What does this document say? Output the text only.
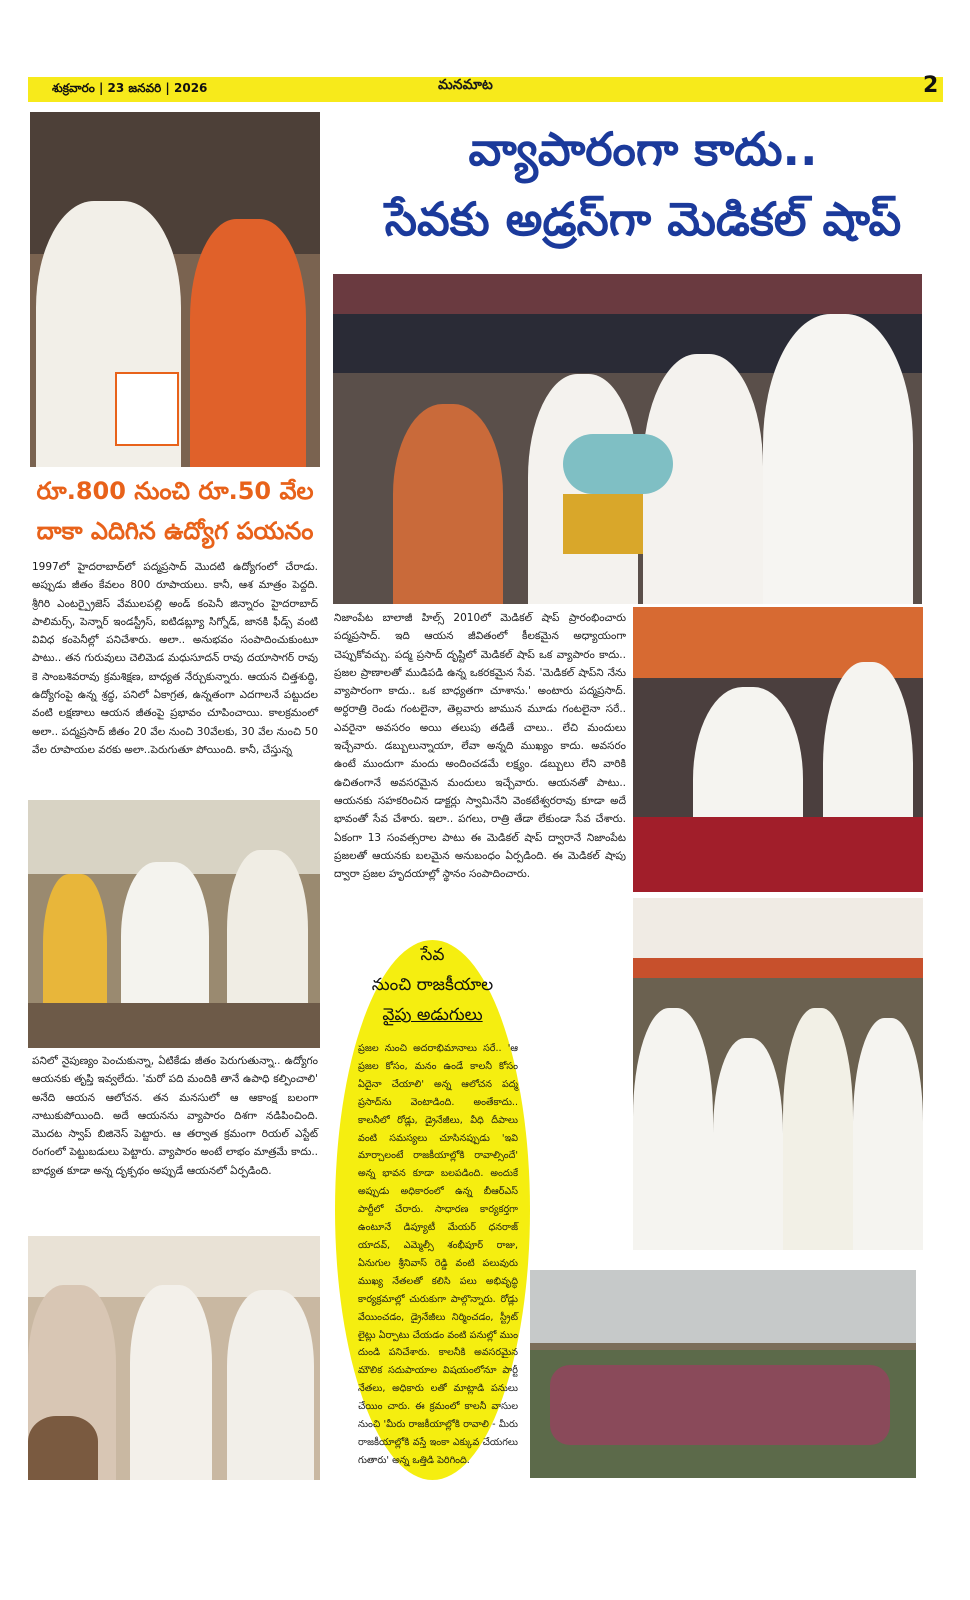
శుక్రవారం | 23 జనవరి | 2026	మనమాట	2
వ్యాపారంగా కాదు..
సేవకు అడ్రస్‌గా మెడికల్ షాప్
రూ.800 నుంచి రూ.50 వేల
దాకా ఎదిగిన ఉద్యోగ పయనం
1997లో హైదరాబాద్‌లో పద్మప్రసాద్ మొదటి ఉద్యోగంలో చేరాడు. అప్పుడు జీతం కేవలం 800 రూపాయలు. కానీ, ఆశ మాత్రం పెద్దది. శ్రీగిరి ఎంటర్ప్రైజెస్ వేములపల్లి అండ్ కంపెనీ జిన్నారం హైదరాబాద్ పాలిమర్స్, పెన్నార్ ఇండస్ట్రీస్, ఐటిడబ్ల్యూ సిగ్నోడ్, జానకి ఫీడ్స్ వంటి వివిధ కంపెనీల్లో పనిచేశారు. అలా.. అనుభవం సంపాదించుకుంటూ పాటు.. తన గురువులు చెలిమెడ మధుసూదన్ రావు దయాసాగర్ రావు కె సాంబశివరావు క్రమశిక్షణ, బాధ్యత నేర్చుకున్నారు. ఆయన చిత్తశుద్ధి, ఉద్యోగంపై ఉన్న శ్రద్ధ, పనిలో ఏకాగ్రత, ఉన్నతంగా ఎదగాలనే పట్టుదల వంటి లక్షణాలు ఆయన జీతంపై ప్రభావం చూపించాయి. కాలక్రమంలో అలా.. పద్మప్రసాద్ జీతం 20 వేల నుంచి 30వేలకు, 30 వేల నుంచి 50 వేల రూపాయల వరకు అలా..పెరుగుతూ పోయింది. కానీ, చేస్తున్న
పనిలో నైపుణ్యం పెంచుకున్నా, ఏటికేడు జీతం పెరుగుతున్నా.. ఉద్యోగం ఆయనకు తృప్తి ఇవ్వలేదు. 'మరో పది మందికి తానే ఉపాధి కల్పించాలి' అనేది ఆయన ఆలోచన. తన మనసులో ఆ ఆకాంక్ష బలంగా నాటుకుపోయింది. అదే ఆయనను వ్యాపారం దిశగా నడిపించింది. మొదట స్వాప్ బిజినెస్ పెట్టారు. ఆ తర్వాత క్రమంగా రియల్ ఎస్టేట్ రంగంలో పెట్టుబడులు పెట్టారు. వ్యాపారం అంటే లాభం మాత్రమే కాదు.. బాధ్యత కూడా అన్న దృక్పథం అప్పుడే ఆయనలో ఏర్పడింది.
నిజాంపేట బాలాజీ హిల్స్ 2010లో మెడికల్ షాప్ ప్రారంభించారు పద్మప్రసాద్. ఇది ఆయన జీవితంలో కీలకమైన అధ్యాయంగా చెప్పుకోవచ్చు. పద్మ ప్రసాద్ దృష్టిలో మెడికల్ షాప్ ఒక వ్యాపారం కాదు.. ప్రజల ప్రాణాలతో ముడిపడి ఉన్న ఒకరకమైన సేవ. 'మెడికల్ షాప్‌ని నేను వ్యాపారంగా కాదు.. ఒక బాధ్యతగా చూశాను.' అంటారు పద్మప్రసాద్. అర్ధరాత్రి రెండు గంటలైనా, తెల్లవారు జామున మూడు గంటలైనా సరే.. ఎవరైనా అవసరం అయి తలుపు తడితే చాలు.. లేచి మందులు ఇచ్చేవారు. డబ్బులున్నాయా, లేవా అన్నది ముఖ్యం కాదు. అవసరం ఉంటే ముందుగా మందు అందించడమే లక్ష్యం. డబ్బులు లేని వారికి ఉచితంగానే అవసరమైన మందులు ఇచ్చేవారు. ఆయనతో పాటు.. ఆయనకు సహకరించిన డాక్టర్లు స్వామినేని వెంకటేశ్వరరావు కూడా అదే భావంతో సేవ చేశారు. ఇలా.. పగలు, రాత్రి తేడా లేకుండా సేవ చేశారు. ఏకంగా 13 సంవత్సరాల పాటు ఈ మెడికల్ షాప్ ద్వారానే నిజాంపేట ప్రజలతో ఆయనకు బలమైన అనుబంధం ఏర్పడింది. ఈ మెడికల్ షాపు ద్వారా ప్రజల హృదయాల్లో స్థానం సంపాదించారు.
సేవ
నుంచి రాజకీయాల
వైపు అడుగులు
ప్రజల నుంచి అదరాభిమానాలు సరే.. 'ఆ ప్రజల కోసం, మనం ఉండే కాలనీ కోసం ఏదైనా చేయాలి' అన్న ఆలోచన పద్మ ప్రసాద్‌ను వెంటాడింది. అంతేకాదు.. కాలనీలో రోడ్లు, డ్రైనేజీలు, వీధి దీపాలు వంటి సమస్యలు చూసినప్పుడు 'ఇవి మార్చాలంటే రాజకీయాల్లోకి రావాల్సిందే' అన్న భావన కూడా బలపడింది. అందుకే అప్పుడు అధికారంలో ఉన్న బీఆర్ఎస్ పార్టీలో చేరారు. సాధారణ కార్యకర్తగా ఉంటూనే డిప్యూటీ మేయర్ ధనరాజ్ యాదవ్, ఎమ్మెల్సీ శంభీపూర్ రాజు, ఏనుగుల శ్రీనివాస్ రెడ్డి వంటి పలువురు ముఖ్య నేతలతో కలిసి పలు అభివృద్ధి కార్యక్రమాల్లో చురుకుగా పాల్గొన్నారు. రోడ్లు వేయించడం, డ్రైనేజీలు నిర్మించడం, స్ట్రీట్ లైట్లు ఏర్పాటు చేయడం వంటి పనుల్లో ముం దుండి పనిచేశారు. కాలనీకి అవసరమైన మౌలిక సదుపాయాల విషయంలోనూ పార్టీ నేతలు, అధికారు లతో మాట్లాడి పనులు చేయిం చారు. ఈ క్రమంలో కాలనీ వాసుల నుంచి 'మీరు రాజకీయాల్లోకి రావాలి - మీరు రాజకీయాల్లోకి వస్తే ఇంకా ఎక్కువ చేయగలు గుతారు' అన్న ఒత్తిడి పెరిగింది.
